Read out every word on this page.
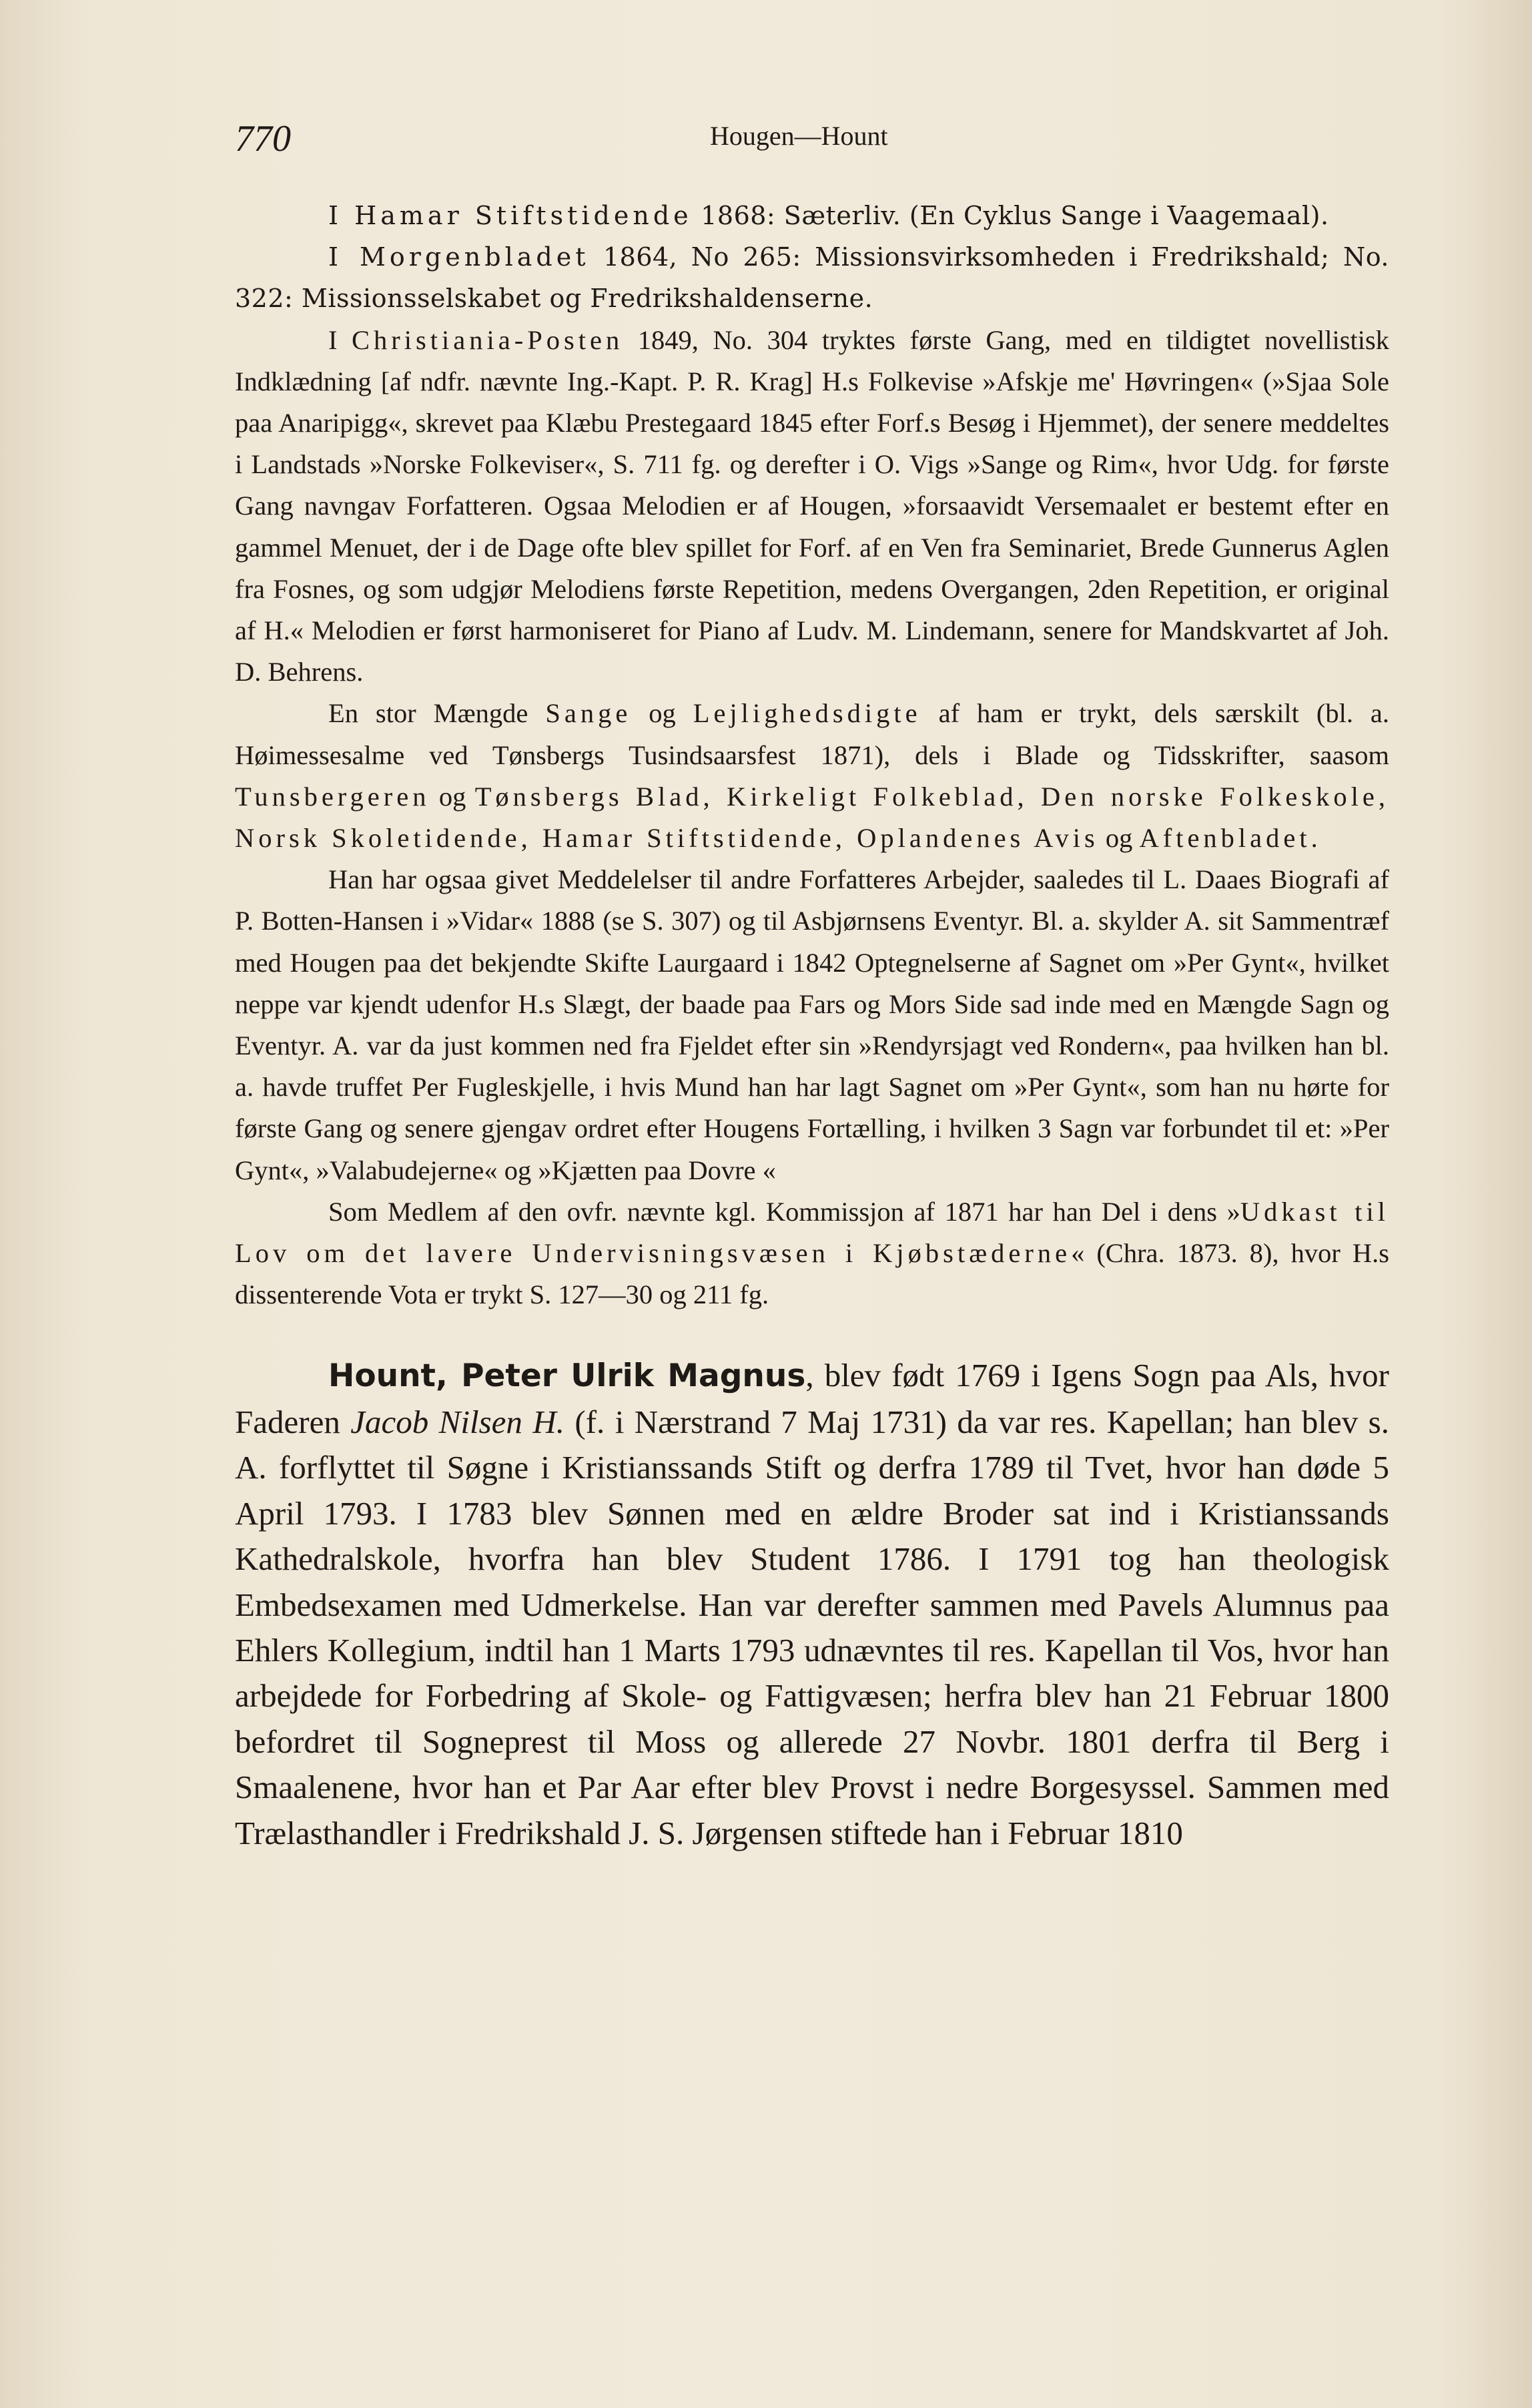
770	Hougen—Hount

I Hamar Stiftstidende 1868: Sæterliv. (En Cyklus Sange i Vaagemaal).

I Morgenbladet 1864, No 265: Missionsvirksomheden i Fredrikshald; No. 322: Missionsselskabet og Fredrikshaldenserne.

I Christiania-Posten 1849, No. 304 tryktes første Gang, med en tildigtet novellistisk Indklædning [af ndfr. nævnte Ing.-Kapt. P. R. Krag] H.s Folkevise »Afskje me' Høvringen« (»Sjaa Sole paa Anaripigg«, skrevet paa Klæbu Prestegaard 1845 efter Forf.s Besøg i Hjemmet), der senere meddeltes i Landstads »Norske Folkeviser«, S. 711 fg. og derefter i O. Vigs »Sange og Rim«, hvor Udg. for første Gang navngav Forfatteren. Ogsaa Melodien er af Hougen, »forsaavidt Versemaalet er bestemt efter en gammel Menuet, der i de Dage ofte blev spillet for Forf. af en Ven fra Seminariet, Brede Gunnerus Aglen fra Fosnes, og som udgjør Melodiens første Repetition, medens Overgangen, 2den Repetition, er original af H.« Melodien er først harmoniseret for Piano af Ludv. M. Lindemann, senere for Mandskvartet af Joh. D. Behrens.

En stor Mængde Sange og Lejlighedsdigte af ham er trykt, dels særskilt (bl. a. Høimessesalme ved Tønsbergs Tusindsaarsfest 1871), dels i Blade og Tidsskrifter, saasom Tunsbergeren og Tønsbergs Blad, Kirkeligt Folkeblad, Den norske Folkeskole, Norsk Skoletidende, Hamar Stiftstidende, Oplandenes Avis og Aftenbladet.

Han har ogsaa givet Meddelelser til andre Forfatteres Arbejder, saaledes til L. Daaes Biografi af P. Botten-Hansen i »Vidar« 1888 (se S. 307) og til Asbjørnsens Eventyr. Bl. a. skylder A. sit Sammentræf med Hougen paa det bekjendte Skifte Laurgaard i 1842 Optegnelserne af Sagnet om »Per Gynt«, hvilket neppe var kjendt udenfor H.s Slægt, der baade paa Fars og Mors Side sad inde med en Mængde Sagn og Eventyr. A. var da just kommen ned fra Fjeldet efter sin »Rendyrsjagt ved Rondern«, paa hvilken han bl. a. havde truffet Per Fugleskjelle, i hvis Mund han har lagt Sagnet om »Per Gynt«, som han nu hørte for første Gang og senere gjengav ordret efter Hougens Fortælling, i hvilken 3 Sagn var forbundet til et: »Per Gynt«, »Valabudejerne« og »Kjætten paa Dovre «

Som Medlem af den ovfr. nævnte kgl. Kommissjon af 1871 har han Del i dens »Udkast til Lov om det lavere Undervisningsvæsen i Kjøbstæderne« (Chra. 1873. 8), hvor H.s dissenterende Vota er trykt S. 127—30 og 211 fg.

Hount, Peter Ulrik Magnus, blev født 1769 i Igens Sogn paa Als, hvor Faderen Jacob Nilsen H. (f. i Nærstrand 7 Maj 1731) da var res. Kapellan; han blev s. A. forflyttet til Søgne i Kristianssands Stift og derfra 1789 til Tvet, hvor han døde 5 April 1793. I 1783 blev Sønnen med en ældre Broder sat ind i Kristianssands Kathedralskole, hvorfra han blev Student 1786. I 1791 tog han theologisk Embedsexamen med Udmerkelse. Han var derefter sammen med Pavels Alumnus paa Ehlers Kollegium, indtil han 1 Marts 1793 udnævntes til res. Kapellan til Vos, hvor han arbejdede for Forbedring af Skole- og Fattigvæsen; herfra blev han 21 Februar 1800 befordret til Sogneprest til Moss og allerede 27 Novbr. 1801 derfra til Berg i Smaalenene, hvor han et Par Aar efter blev Provst i nedre Borgesyssel. Sammen med Trælasthandler i Fredrikshald J. S. Jørgensen stiftede han i Februar 1810
